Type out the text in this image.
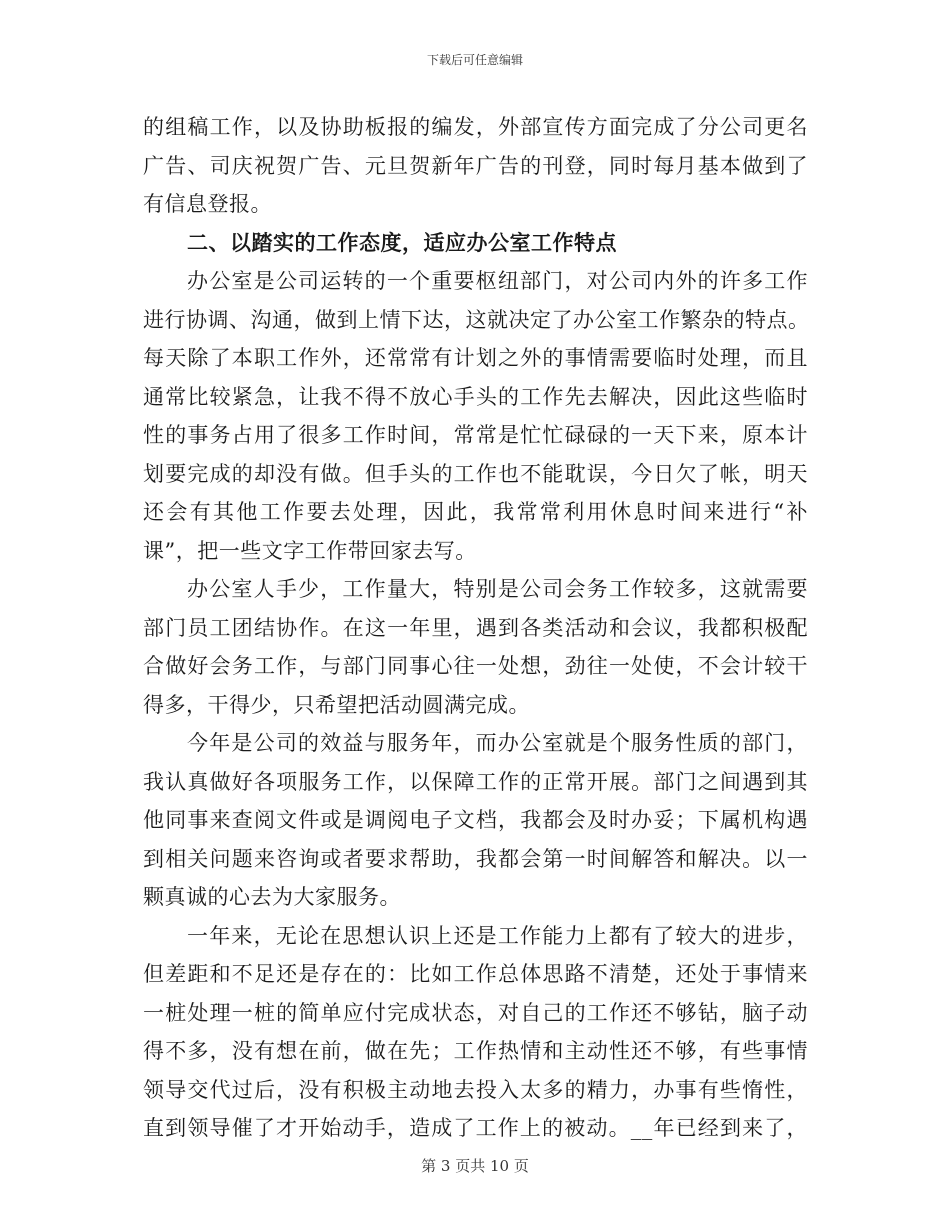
下载后可任意编辑
的组稿工作，以及协助板报的编发，外部宣传方面完成了分公司更名
广告、司庆祝贺广告、元旦贺新年广告的刊登，同时每月基本做到了
有信息登报。
二、以踏实的工作态度，适应办公室工作特点
办公室是公司运转的一个重要枢纽部门，对公司内外的许多工作
进行协调、沟通，做到上情下达，这就决定了办公室工作繁杂的特点。
每天除了本职工作外，还常常有计划之外的事情需要临时处理，而且
通常比较紧急，让我不得不放心手头的工作先去解决，因此这些临时
性的事务占用了很多工作时间，常常是忙忙碌碌的一天下来，原本计
划要完成的却没有做。但手头的工作也不能耽误，今日欠了帐，明天
还会有其他工作要去处理，因此，我常常利用休息时间来进行“补
课”，把一些文字工作带回家去写。
办公室人手少，工作量大，特别是公司会务工作较多，这就需要
部门员工团结协作。在这一年里，遇到各类活动和会议，我都积极配
合做好会务工作，与部门同事心往一处想，劲往一处使，不会计较干
得多，干得少，只希望把活动圆满完成。
今年是公司的效益与服务年，而办公室就是个服务性质的部门，
我认真做好各项服务工作，以保障工作的正常开展。部门之间遇到其
他同事来查阅文件或是调阅电子文档，我都会及时办妥；下属机构遇
到相关问题来咨询或者要求帮助，我都会第一时间解答和解决。以一
颗真诚的心去为大家服务。
一年来，无论在思想认识上还是工作能力上都有了较大的进步，
但差距和不足还是存在的：比如工作总体思路不清楚，还处于事情来
一桩处理一桩的简单应付完成状态，对自己的工作还不够钻，脑子动
得不多，没有想在前，做在先；工作热情和主动性还不够，有些事情
领导交代过后，没有积极主动地去投入太多的精力，办事有些惰性，
直到领导催了才开始动手，造成了工作上的被动。__年已经到来了，
第 3 页共 10 页
